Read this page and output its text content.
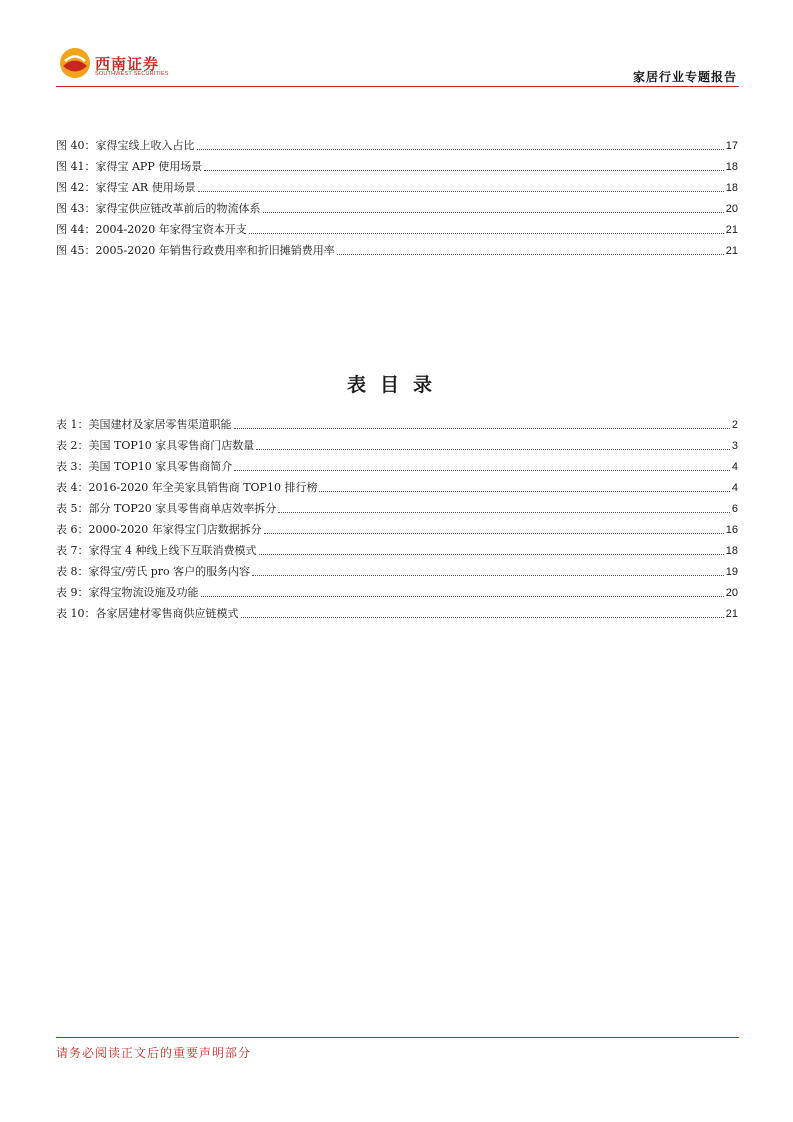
西南证券
SOUTHWEST SECURITIES	家居行业专题报告
图 40：家得宝线上收入占比	17
图 41：家得宝 APP 使用场景	18
图 42：家得宝 AR 使用场景	18
图 43：家得宝供应链改革前后的物流体系	20
图 44：2004-2020 年家得宝资本开支	21
图 45：2005-2020 年销售行政费用率和折旧摊销费用率	21
表目录
表 1：美国建材及家居零售渠道职能	2
表 2：美国 TOP10 家具零售商门店数量	3
表 3：美国 TOP10 家具零售商简介	4
表 4：2016-2020 年全美家具销售商 TOP10 排行榜	4
表 5：部分 TOP20 家具零售商单店效率拆分	6
表 6：2000-2020 年家得宝门店数据拆分	16
表 7：家得宝 4 种线上线下互联消费模式	18
表 8：家得宝/劳氏 pro 客户的服务内容	19
表 9：家得宝物流设施及功能	20
表 10：各家居建材零售商供应链模式	21
请务必阅读正文后的重要声明部分
